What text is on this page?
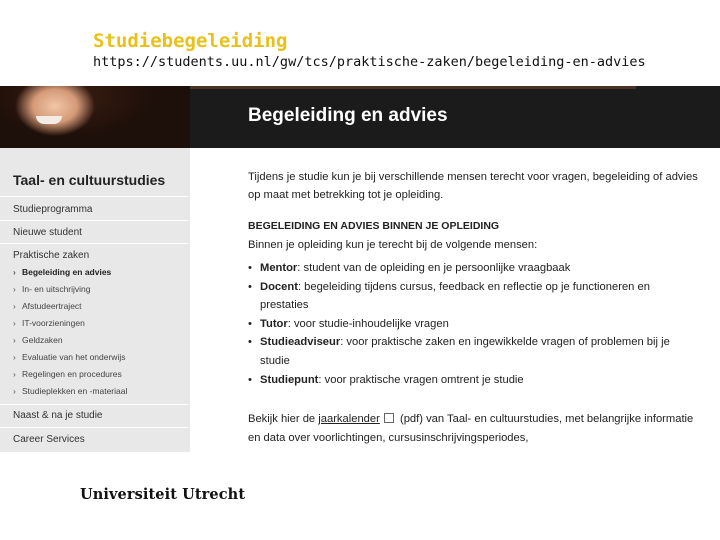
Studiebegeleiding

https://students.uu.nl/gw/tcs/praktische-zaken/begeleiding-en-advies

Begeleiding en advies
Taal- en cultuurstudies
Studieprogramma
Nieuwe student
Praktische zaken
› Begeleiding en advies
› In- en uitschrijving
› Afstudeertraject
› IT-voorzieningen
› Geldzaken
› Evaluatie van het onderwijs
› Regelingen en procedures
› Studieplekken en -materiaal
Naast & na je studie
Career Services

Tijdens je studie kun je bij verschillende mensen terecht voor vragen, begeleiding of advies op maat met betrekking tot je opleiding.

BEGELEIDING EN ADVIES BINNEN JE OPLEIDING

Binnen je opleiding kun je terecht bij de volgende mensen:

• Mentor: student van de opleiding en je persoonlijke vraagbaak
• Docent: begeleiding tijdens cursus, feedback en reflectie op je functioneren en prestaties
• Tutor: voor studie-inhoudelijke vragen
• Studieadviseur: voor praktische zaken en ingewikkelde vragen of problemen bij je studie
• Studiepunt: voor praktische vragen omtrent je studie

Bekijk hier de jaarkalender (pdf) van Taal- en cultuurstudies, met belangrijke informatie en data over voorlichtingen, cursusinschrijvingsperiodes,

Universiteit Utrecht
